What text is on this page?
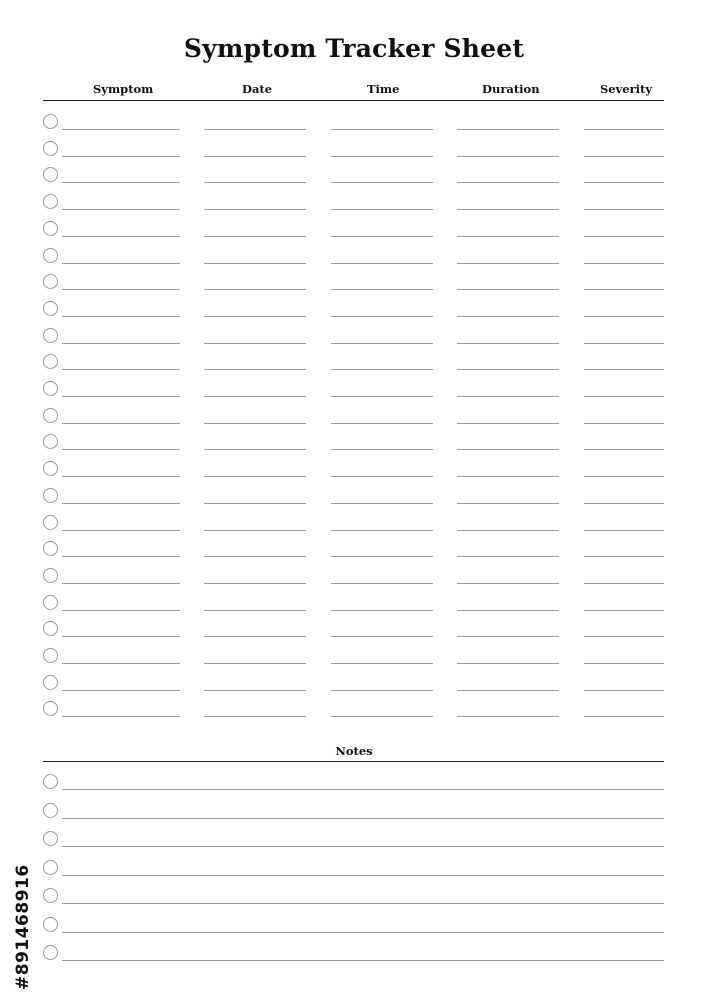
Symptom Tracker Sheet
Symptom	Date	Time	Duration	Severity
Notes
#891468916
